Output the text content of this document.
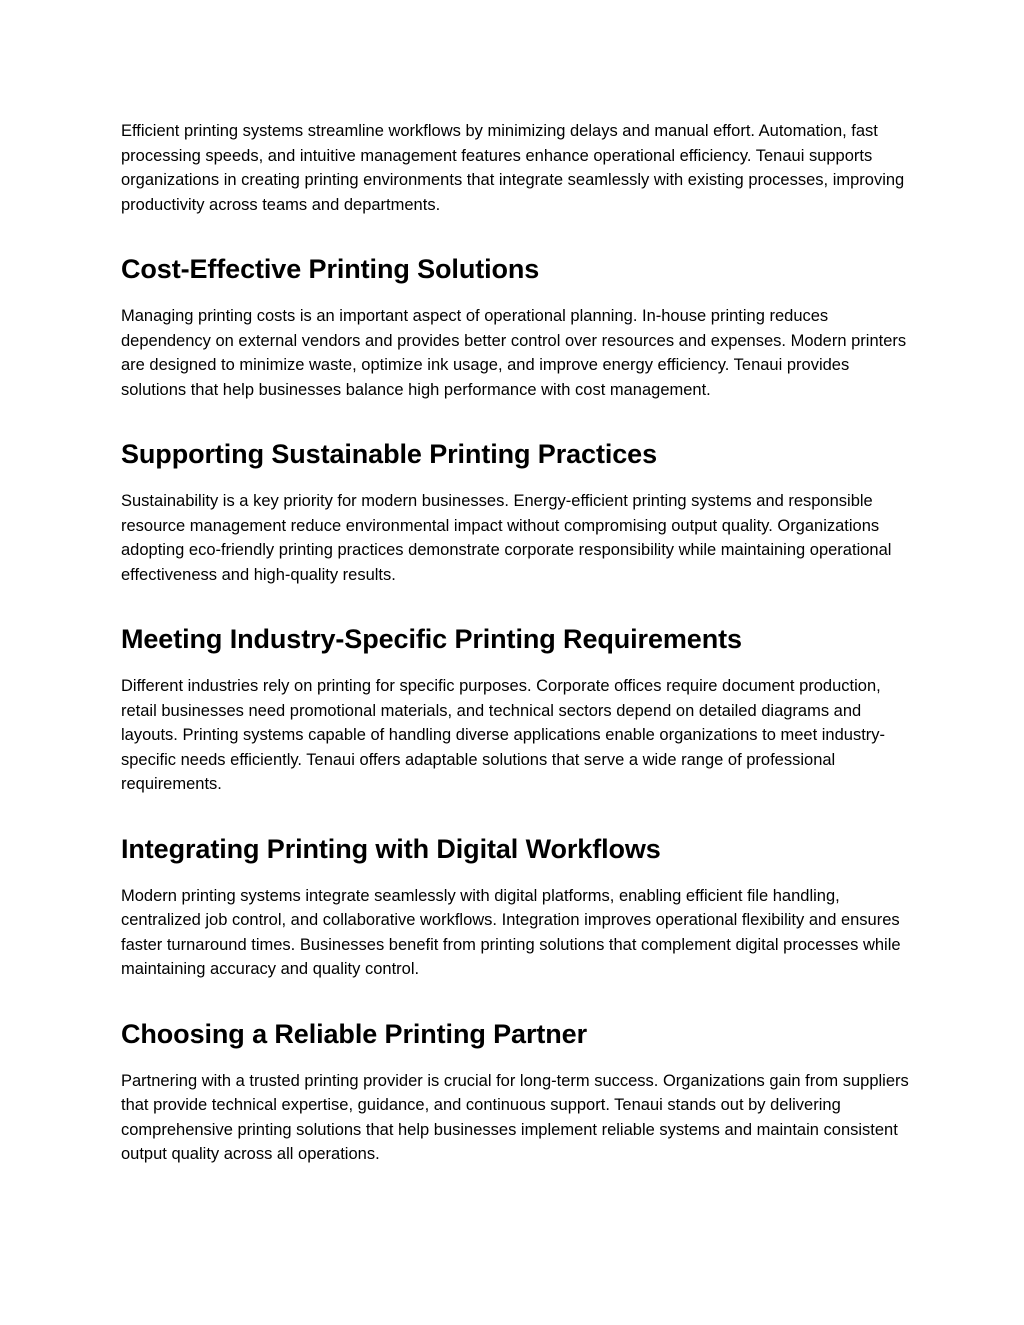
Efficient printing systems streamline workflows by minimizing delays and manual effort. Automation, fast processing speeds, and intuitive management features enhance operational efficiency. Tenaui supports organizations in creating printing environments that integrate seamlessly with existing processes, improving productivity across teams and departments.

Cost-Effective Printing Solutions

Managing printing costs is an important aspect of operational planning. In-house printing reduces dependency on external vendors and provides better control over resources and expenses. Modern printers are designed to minimize waste, optimize ink usage, and improve energy efficiency. Tenaui provides solutions that help businesses balance high performance with cost management.

Supporting Sustainable Printing Practices

Sustainability is a key priority for modern businesses. Energy-efficient printing systems and responsible resource management reduce environmental impact without compromising output quality. Organizations adopting eco-friendly printing practices demonstrate corporate responsibility while maintaining operational effectiveness and high-quality results.

Meeting Industry-Specific Printing Requirements

Different industries rely on printing for specific purposes. Corporate offices require document production, retail businesses need promotional materials, and technical sectors depend on detailed diagrams and layouts. Printing systems capable of handling diverse applications enable organizations to meet industry-specific needs efficiently. Tenaui offers adaptable solutions that serve a wide range of professional requirements.

Integrating Printing with Digital Workflows

Modern printing systems integrate seamlessly with digital platforms, enabling efficient file handling, centralized job control, and collaborative workflows. Integration improves operational flexibility and ensures faster turnaround times. Businesses benefit from printing solutions that complement digital processes while maintaining accuracy and quality control.

Choosing a Reliable Printing Partner

Partnering with a trusted printing provider is crucial for long-term success. Organizations gain from suppliers that provide technical expertise, guidance, and continuous support. Tenaui stands out by delivering comprehensive printing solutions that help businesses implement reliable systems and maintain consistent output quality across all operations.
